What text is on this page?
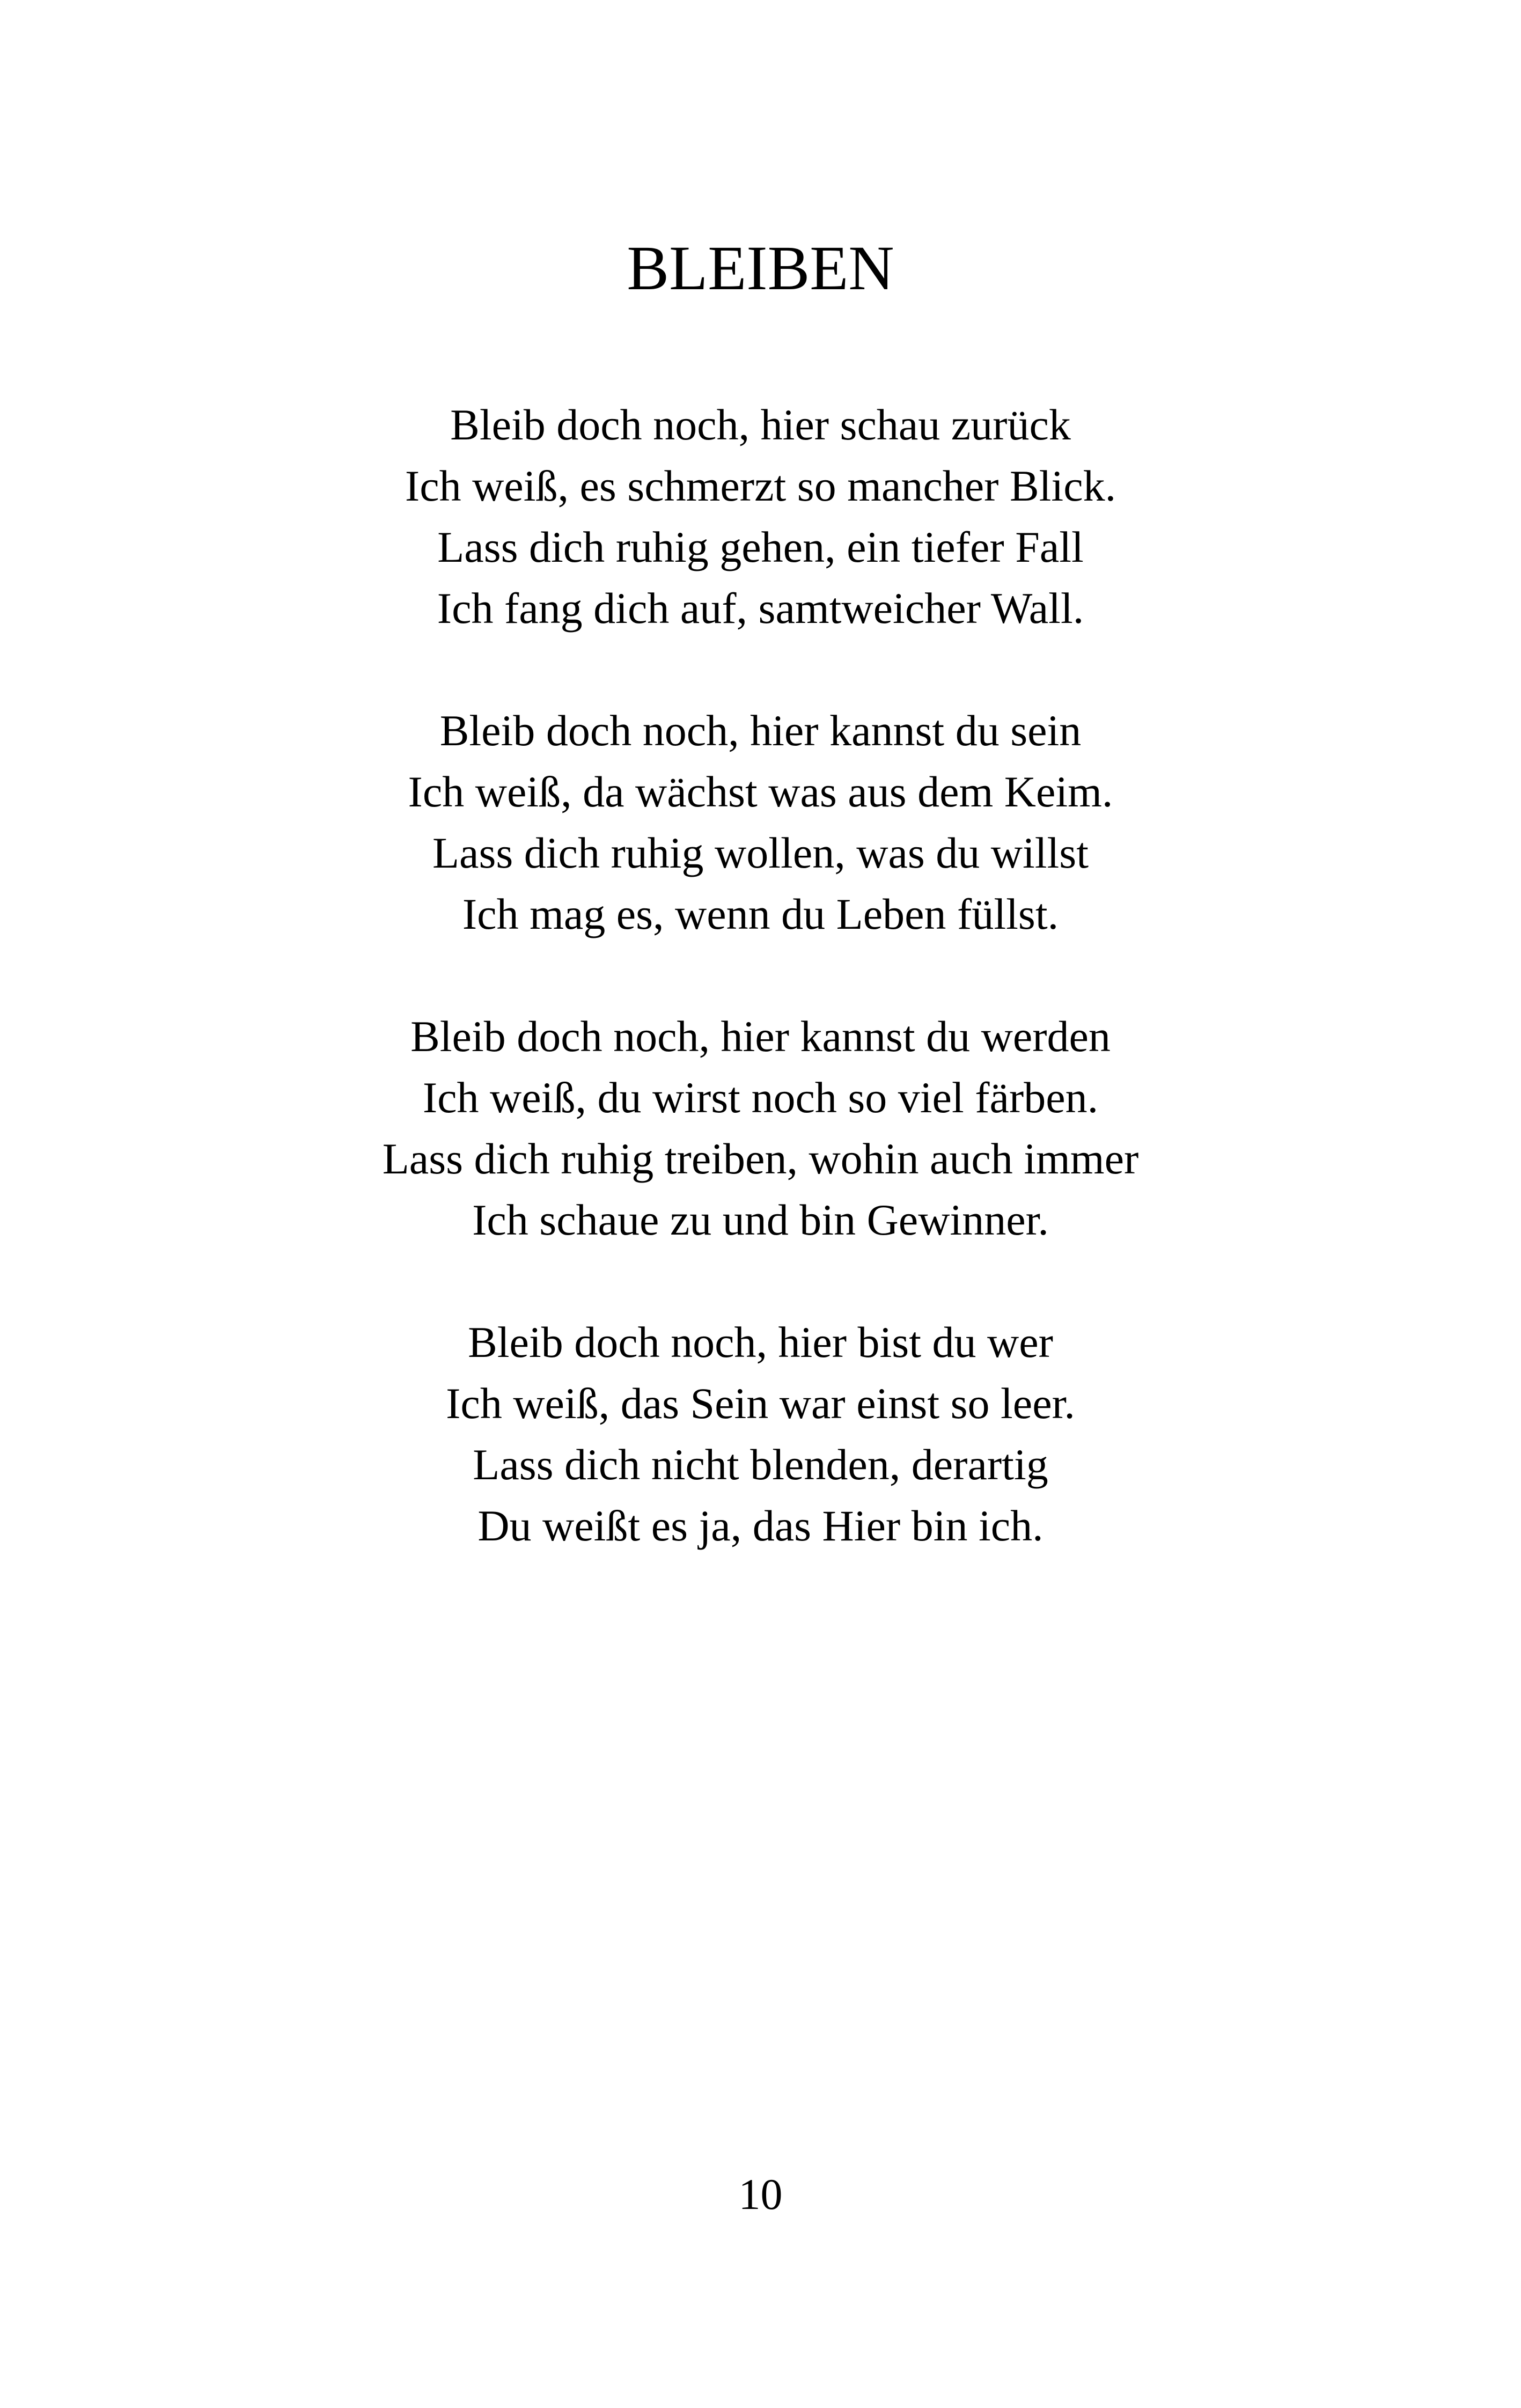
BLEIBEN
Bleib doch noch, hier schau zurück
Ich weiß, es schmerzt so mancher Blick.
Lass dich ruhig gehen, ein tiefer Fall
Ich fang dich auf, samtweicher Wall.
Bleib doch noch, hier kannst du sein
Ich weiß, da wächst was aus dem Keim.
Lass dich ruhig wollen, was du willst
Ich mag es, wenn du Leben füllst.
Bleib doch noch, hier kannst du werden
Ich weiß, du wirst noch so viel färben.
Lass dich ruhig treiben, wohin auch immer
Ich schaue zu und bin Gewinner.
Bleib doch noch, hier bist du wer
Ich weiß, das Sein war einst so leer.
Lass dich nicht blenden, derartig
Du weißt es ja, das Hier bin ich.
10
